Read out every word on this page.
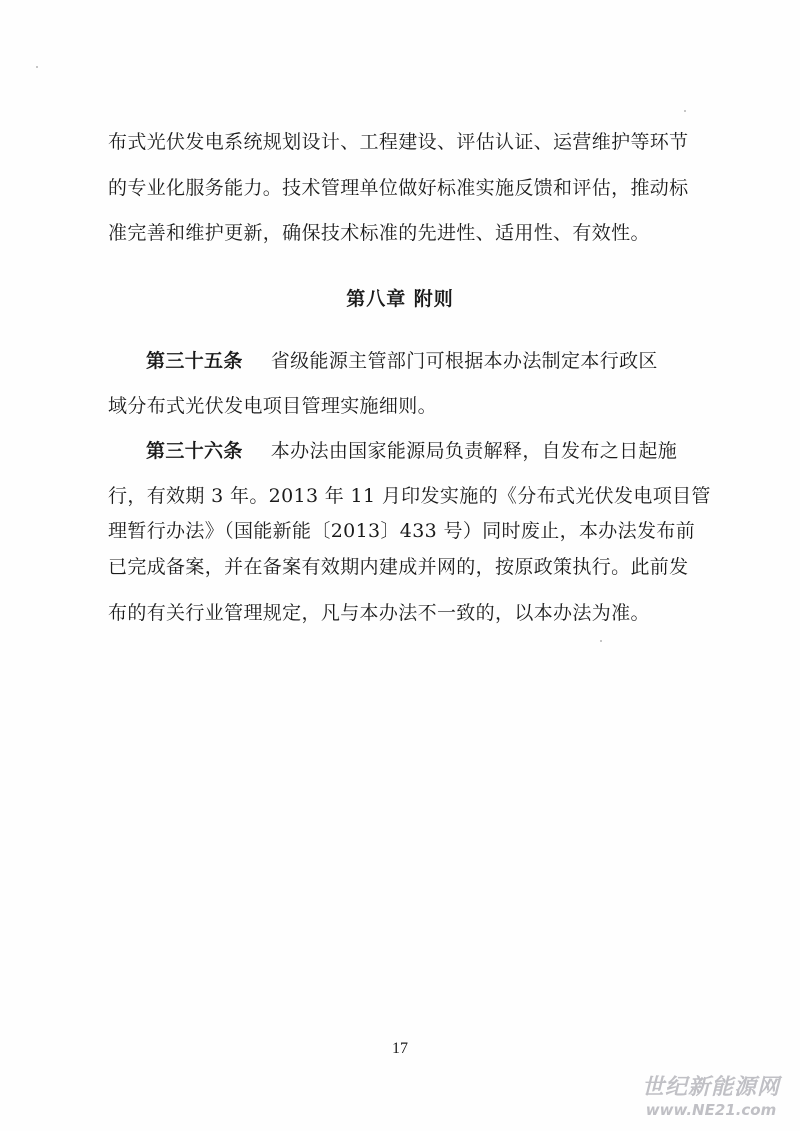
布式光伏发电系统规划设计、工程建设、评估认证、运营维护等环节
的专业化服务能力。技术管理单位做好标准实施反馈和评估，推动标
准完善和维护更新，确保技术标准的先进性、适用性、有效性。
第八章 附则
第三十五条 省级能源主管部门可根据本办法制定本行政区
域分布式光伏发电项目管理实施细则。
第三十六条 本办法由国家能源局负责解释，自发布之日起施
行，有效期 3 年。2013 年 11 月印发实施的《分布式光伏发电项目管
理暂行办法》（国能新能〔2013〕433 号）同时废止，本办法发布前
已完成备案，并在备案有效期内建成并网的，按原政策执行。此前发
布的有关行业管理规定，凡与本办法不一致的，以本办法为准。
17
世纪新能源网
www.NE21.com
